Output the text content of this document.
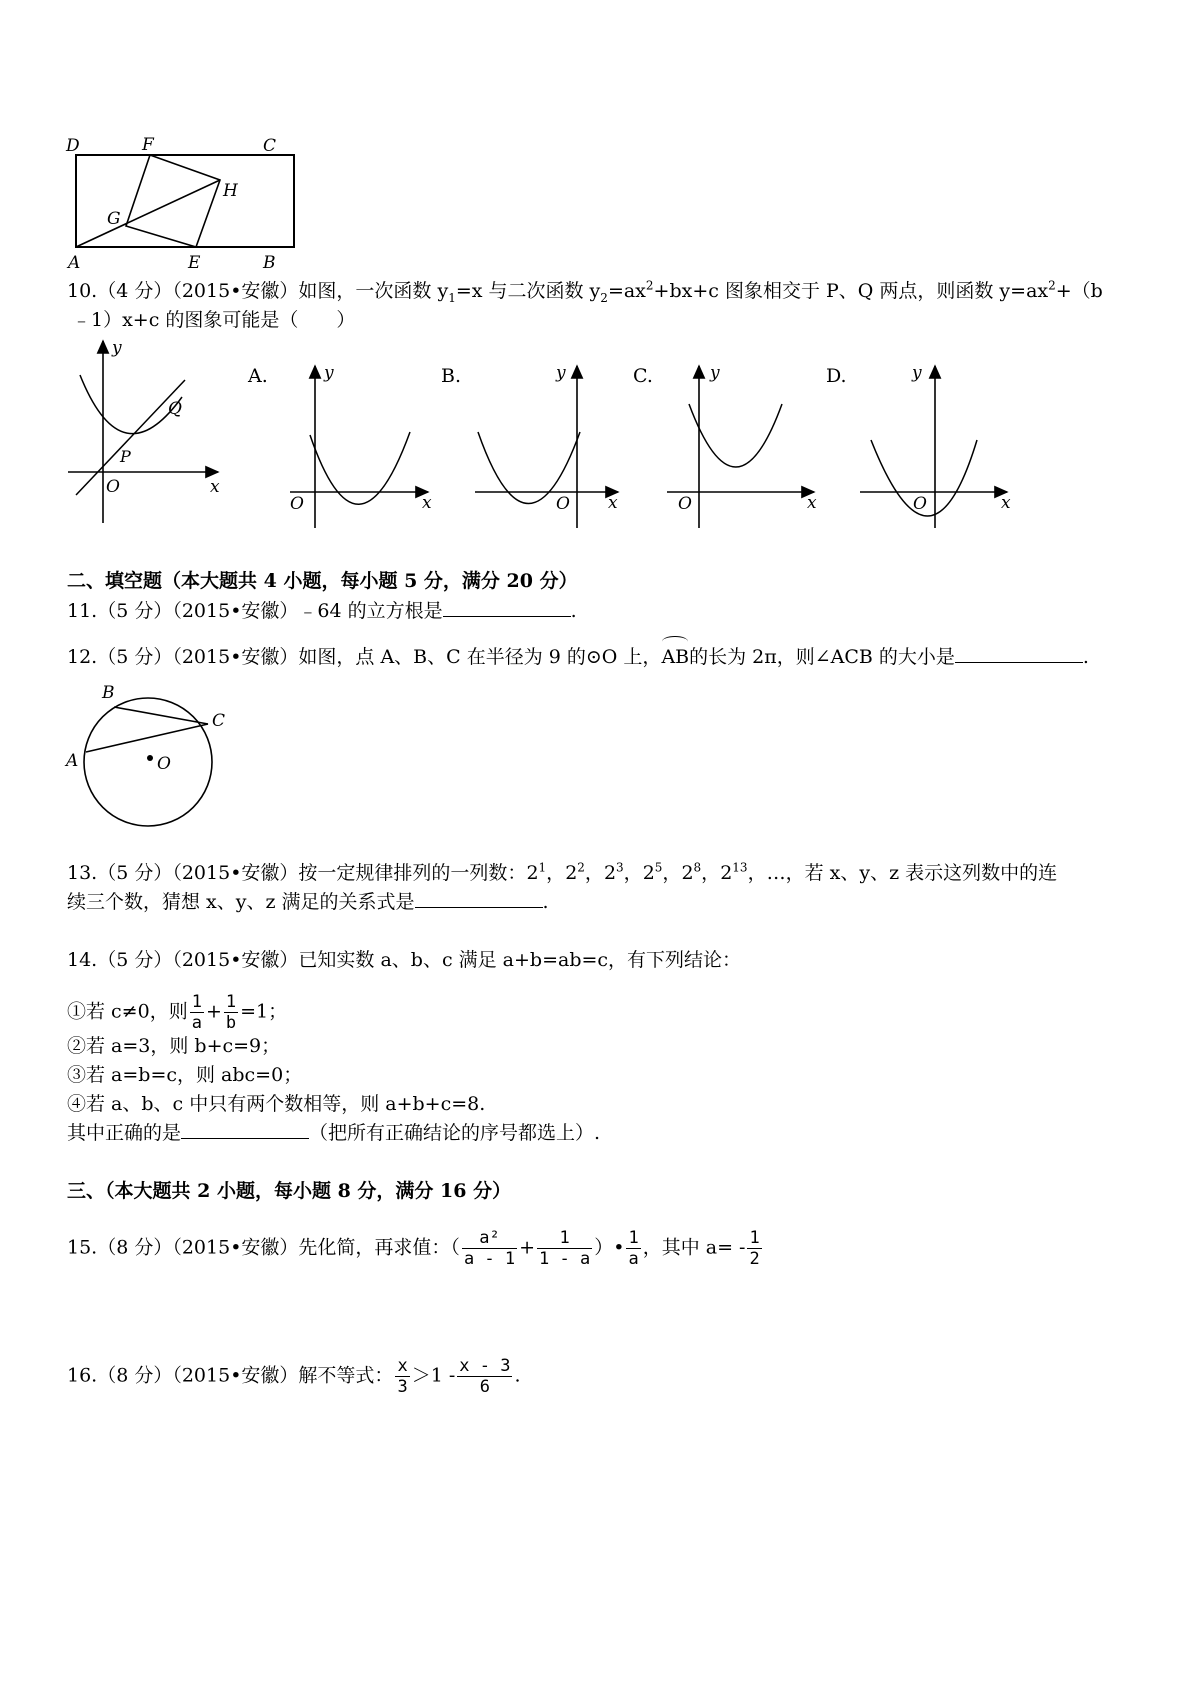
D	F	C
H
G
A	E	B
10.（4 分）（2015•安徽）如图，一次函数 $y_1=x$ 与二次函数 $y_2=ax^2+bx+c$ 图象相交于 P、Q 两点，则函数 $y=ax^2+(b$
﹣1）x+c 的图象可能是（　　）
y
x
O
P
Q
A.	y
x
O
B.	y
x
O
C.	y
x
O
D.	y
x
O
二、填空题（本大题共 4 小题，每小题 5 分，满分 20 分）
11.（5 分）（2015•安徽）﹣64 的立方根是	.
12.（5 分）（2015•安徽）如图，点 A、B、C 在半径为 9 的⊙O 上，AB的长为 2π，则∠ACB 的大小是	.
B
C
A	O
13.（5 分）（2015•安徽）按一定规律排列的一列数：$2^1$，$2^2$，$2^3$，$2^5$，$2^8$，$2^{13}$，…，若 x、y、z 表示这列数中的连
续三个数，猜想 x、y、z 满足的关系式是	.
14.（5 分）（2015•安徽）已知实数 a、b、c 满足 a+b=ab=c，有下列结论：
①若 c≠0，则 $\frac{1}{a} + \frac{1}{b} =1$；
②若 a=3，则 b+c=9；
③若 a=b=c，则 abc=0；
④若 a、b、c 中只有两个数相等，则 a+b+c=8.
其中正确的是	（把所有正确结论的序号都选上）.
三、（本大题共 2 小题，每小题 8 分，满分 16 分）
15.（8 分）（2015•安徽）先化简，再求值：（ $\frac{\text{a²}}{a - 1} + \frac{1}{1 - a}$ ）• $\frac{1}{a}$ ，其中 $a= - \frac{1}{2}$
16.（8 分）（2015•安徽）解不等式： $\frac{x}{3} >1 - \frac{x - 3}{6}$ .
